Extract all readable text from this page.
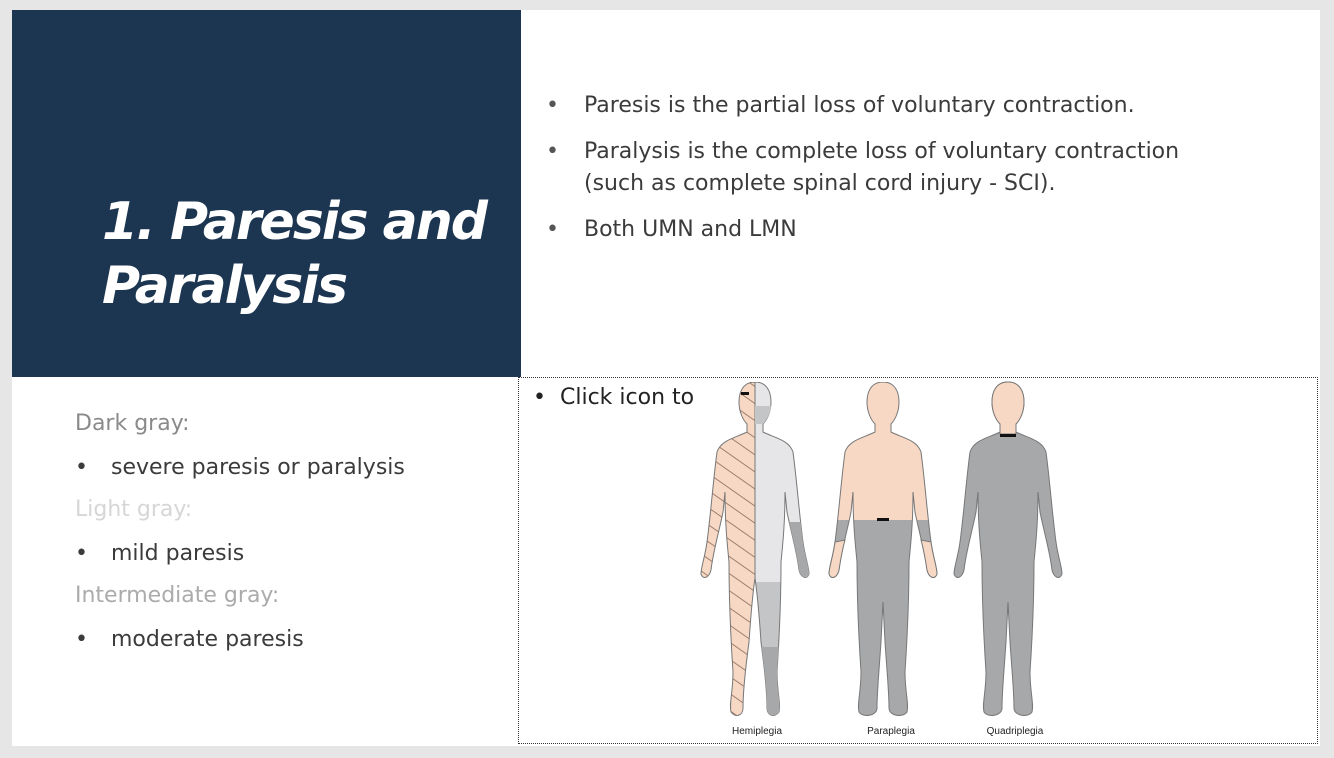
1. Paresis and
Paralysis
• Paresis is the partial loss of voluntary contraction.
• Paralysis is the complete loss of voluntary contraction (such as complete spinal cord injury - SCI).
• Both UMN and LMN
Dark gray:
• severe paresis or paralysis
Light gray:
• mild paresis
Intermediate gray:
• moderate paresis
• Click icon to
Hemiplegia	Paraplegia	Quadriplegia
